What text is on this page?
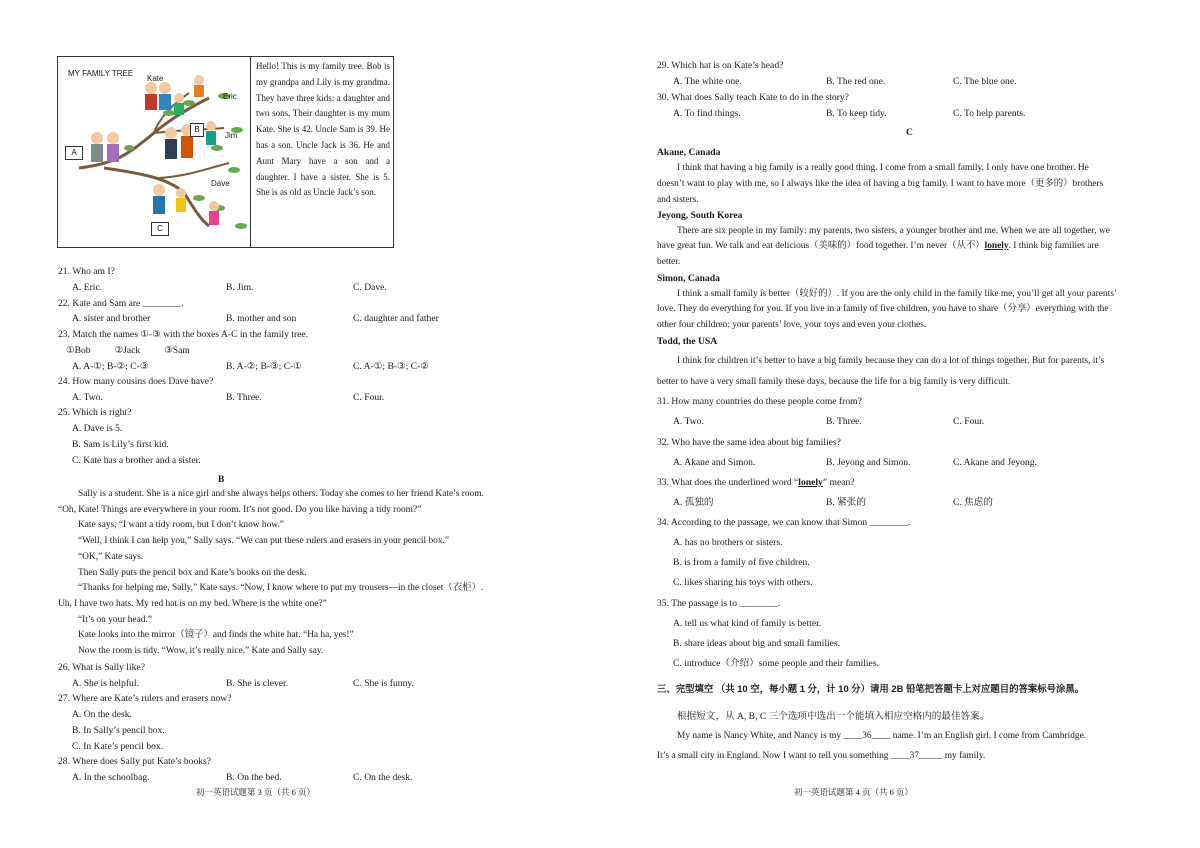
MY FAMILY TREE
Kate
Eric
Jim
Dave
A
B
C
Hello! This is my family tree. Bob is my grandpa and Lily is my grandma. They have three kids: a daughter and two sons. Their daughter is my mum Kate. She is 42. Uncle Sam is 39. He has a son. Uncle Jack is 36. He and Aunt Mary have a son and a daughter. I have a sister. She is 5. She is as old as Uncle Jack’s son.
21. Who am I?
A. Eric.	B. Jim.	C. Dave.
22. Kate and Sam are ________.
A. sister and brother	B. mother and son	C. daughter and father
23. Match the names ①-③ with the boxes A-C in the family tree.
①Bob          ②Jack          ③Sam
A. A-①; B-②; C-③	B. A-②; B-③; C-①	C. A-①; B-③; C-②
24. How many cousins does Dave have?
A. Two.	B. Three.	C. Four.
25. Which is right?
A. Dave is 5.
B. Sam is Lily’s first kid.
C. Kate has a brother and a sister.
B
Sally is a student. She is a nice girl and she always helps others. Today she comes to her friend Kate’s room.
“Oh, Kate! Things are everywhere in your room. It’s not good. Do you like having a tidy room?”
Kate says, “I want a tidy room, but I don’t know how.”
“Well, I think I can help you,” Sally says. “We can put these rulers and erasers in your pencil box.”
“OK,” Kate says.
Then Sally puts the pencil box and Kate’s books on the desk.
“Thanks for helping me, Sally,” Kate says. “Now, I know where to put my trousers—in the closet（衣柜）.
Uh, I have two hats. My red hat is on my bed. Where is the white one?”
“It’s on your head.”
Kate looks into the mirror（镜子）and finds the white hat. “Ha ha, yes!”
Now the room is tidy. “Wow, it’s really nice.” Kate and Sally say.
26. What is Sally like?
A. She is helpful.	B. She is clever.	C. She is funny.
27. Where are Kate’s rulers and erasers now?
A. On the desk.
B. In Sally’s pencil box.
C. In Kate’s pencil box.
28. Where does Sally put Kate’s books?
A. In the schoolbag.	B. On the bed.	C. On the desk.
初一英语试题第 3 页（共 6 页）
29. Which hat is on Kate’s head?
A. The white one.	B. The red one.	C. The blue one.
30. What does Sally teach Kate to do in the story?
A. To find things.	B. To keep tidy.	C. To help parents.
C
Akane, Canada
I think that having a big family is a really good thing. I come from a small family. I only have one brother. He
doesn’t want to play with me, so I always like the idea of having a big family. I want to have more（更多的）brothers
and sisters.
Jeyong, South Korea
There are six people in my family: my parents, two sisters, a younger brother and me. When we are all together, we
have great fun. We talk and eat delicious（美味的）food together. I’m never（从不）lonely. I think big families are
better.
Simon, Canada
I think a small family is better（较好的）. If you are the only child in the family like me, you’ll get all your parents’
love. They do everything for you. If you live in a family of five children, you have to share（分享）everything with the
other four children: your parents’ love, your toys and even your clothes.
Todd, the USA
I think for children it’s better to have a big family because they can do a lot of things together. But for parents, it’s
better to have a very small family these days, because the life for a big family is very difficult.
31. How many countries do these people come from?
A. Two.	B. Three.	C. Four.
32. Who have the same idea about big families?
A. Akane and Simon.	B. Jeyong and Simon.	C. Akane and Jeyong.
33. What does the underlined word “lonely” mean?
A. 孤独的	B. 紧张的	C. 焦虑的
34. According to the passage, we can know that Simon ________.
A. has no brothers or sisters.
B. is from a family of five children.
C. likes sharing his toys with others.
35. The passage is to ________.
A. tell us what kind of family is better.
B. share ideas about big and small families.
C. introduce（介绍）some people and their families.
三、完型填空 （共 10 空，每小题 1 分，计 10 分）请用 2B 铅笔把答题卡上对应题目的答案标号涂黑。
根据短文，从 A, B, C 三个选项中选出一个能填入相应空格内的最佳答案。
My name is Nancy White, and Nancy is my ____36____ name. I’m an English girl. I come from Cambridge.
It’s a small city in England. Now I want to tell you something ____37_____ my family.
初一英语试题第 4 页（共 6 页）
